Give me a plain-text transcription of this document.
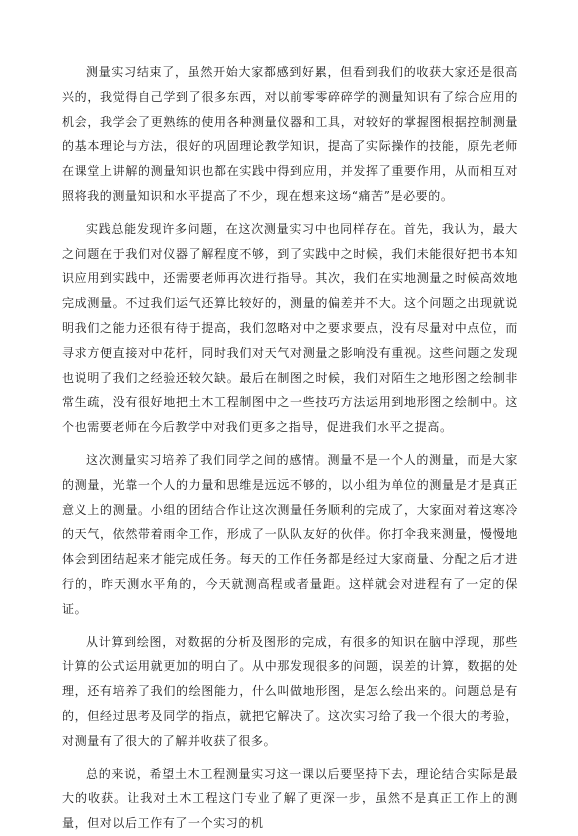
测量实习结束了，虽然开始大家都感到好累，但看到我们的收获大家还是很高兴的，我觉得自己学到了很多东西，对以前零零碎碎学的测量知识有了综合应用的机会，我学会了更熟练的使用各种测量仪器和工具，对较好的掌握图根据控制测量的基本理论与方法，很好的巩固理论教学知识，提高了实际操作的技能，原先老师在课堂上讲解的测量知识也都在实践中得到应用，并发挥了重要作用，从而相互对照将我的测量知识和水平提高了不少，现在想来这场“痛苦”是必要的。

实践总能发现许多问题，在这次测量实习中也同样存在。首先，我认为，最大之问题在于我们对仪器了解程度不够，到了实践中之时候，我们未能很好把书本知识应用到实践中，还需要老师再次进行指导。其次，我们在实地测量之时候高效地完成测量。不过我们运气还算比较好的，测量的偏差并不大。这个问题之出现就说明我们之能力还很有待于提高，我们忽略对中之要求要点，没有尽量对中点位，而寻求方便直接对中花杆，同时我们对天气对测量之影响没有重视。这些问题之发现也说明了我们之经验还较欠缺。最后在制图之时候，我们对陌生之地形图之绘制非常生疏，没有很好地把土木工程制图中之一些技巧方法运用到地形图之绘制中。这个也需要老师在今后教学中对我们更多之指导，促进我们水平之提高。

这次测量实习培养了我们同学之间的感情。测量不是一个人的测量，而是大家的测量，光靠一个人的力量和思维是远远不够的，以小组为单位的测量是才是真正意义上的测量。小组的团结合作让这次测量任务顺利的完成了，大家面对着这寒冷的天气，依然带着雨伞工作，形成了一队队友好的伙伴。你打伞我来测量，慢慢地体会到团结起来才能完成任务。每天的工作任务都是经过大家商量、分配之后才进行的，昨天测水平角的，今天就测高程或者量距。这样就会对进程有了一定的保证。

从计算到绘图，对数据的分析及图形的完成，有很多的知识在脑中浮现，那些计算的公式运用就更加的明白了。从中那发现很多的问题，误差的计算，数据的处理，还有培养了我们的绘图能力，什么叫做地形图，是怎么绘出来的。问题总是有的，但经过思考及同学的指点，就把它解决了。这次实习给了我一个很大的考验，对测量有了很大的了解并收获了很多。

总的来说，希望土木工程测量实习这一课以后要坚持下去，理论结合实际是最大的收获。让我对土木工程这门专业了解了更深一步，虽然不是真正工作上的测量，但对以后工作有了一个实习的机
